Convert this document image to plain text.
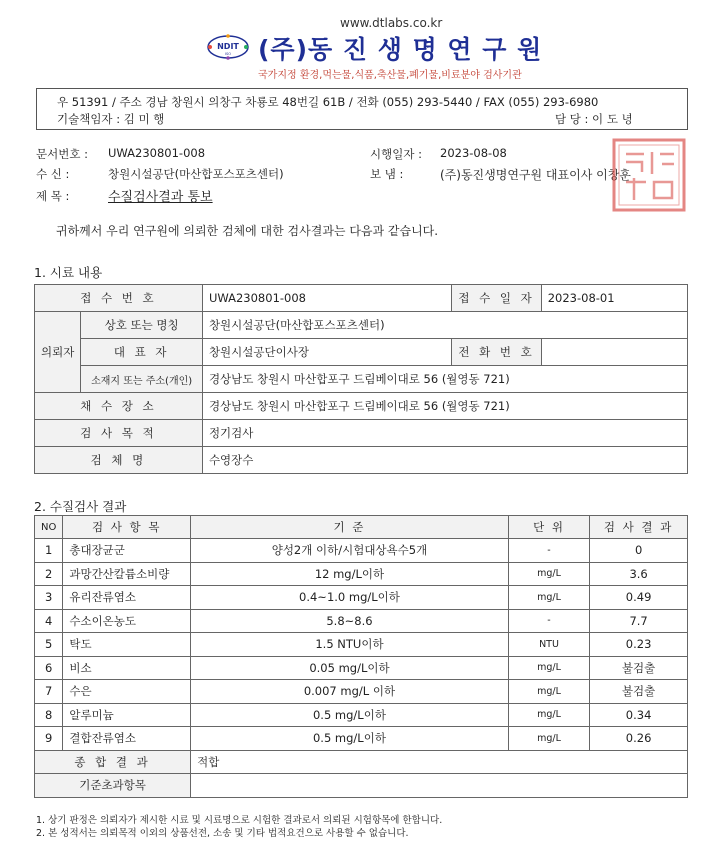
www.dtlabs.co.kr
NDIT
ISO (주)동 진 생 명 연 구 원
국가지정 환경,먹는물,식품,축산물,폐기물,비료분야 검사기관
우 51391 / 주소 경남 창원시 의창구 차룡로 48번길 61B / 전화 (055) 293-5440 / FAX (055) 293-6980
기술책임자 : 김 미 행	담 당 : 이 도 녕
문서번호 : UWA230801-008
수 신 :	창원시설공단(마산합포스포츠센터)
제 목 :	수질검사결과 통보
시행일자 : 2023-08-08
보 냄 :	(주)동진생명연구원 대표이사 이창훈
귀하께서 우리 연구원에 의뢰한 검체에 대한 검사결과는 다음과 같습니다.
1. 시료 내용
접 수 번 호		UWA230801-008	접 수 일 자	2023-08-01
의뢰자	상호 또는 명칭	창원시설공단(마산합포스포츠센터)		
	대 표 자	창원시설공단이사장	전 화 번 호	
	소재지 또는 주소(개인)	경상남도 창원시 마산합포구 드림베이대로 56 (월영동 721)		
채 수 장 소		경상남도 창원시 마산합포구 드림베이대로 56 (월영동 721)		
검 사 목 적		정기검사		
검 체 명		수영장수		
2. 수질검사 결과
NO	검 사 항 목	기 준	단 위	검 사 결 과
1	총대장균군	양성2개 이하/시험대상욕수5개	-	0
2	과망간산칼륨소비량	12 mg/L이하	mg/L	3.6
3	유리잔류염소	0.4~1.0 mg/L이하	mg/L	0.49
4	수소이온농도	5.8~8.6	-	7.7
5	탁도	1.5 NTU이하	NTU	0.23
6	비소	0.05 mg/L이하	mg/L	불검출
7	수은	0.007 mg/L 이하	mg/L	불검출
8	알루미늄	0.5 mg/L이하	mg/L	0.34
9	결합잔류염소	0.5 mg/L이하	mg/L	0.26
종 합 결 과		적합		
기준초과항목				
1. 상기 판정은 의뢰자가 제시한 시료 및 시료명으로 시험한 결과로서 의뢰된 시험항목에 한합니다.
2. 본 성적서는 의뢰목적 이외의 상품선전, 소송 및 기타 법적요건으로 사용할 수 없습니다.
